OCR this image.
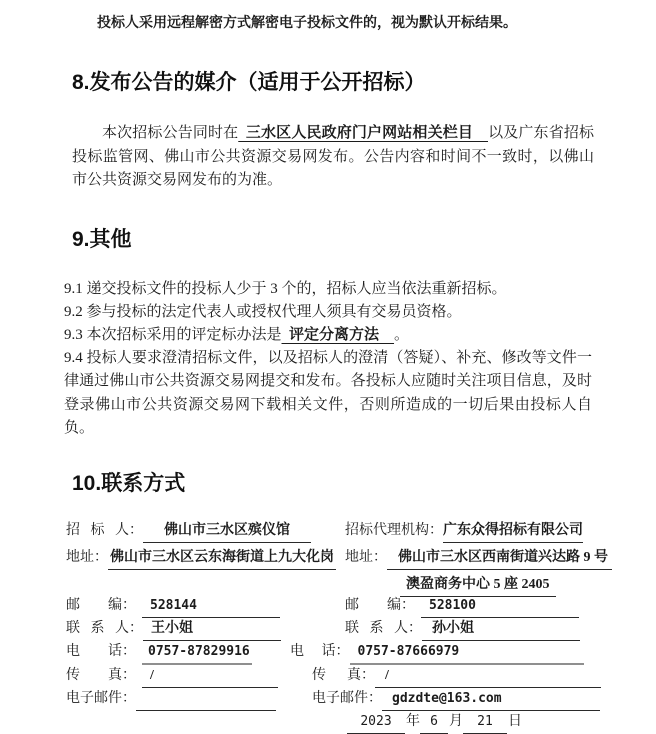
投标人采用远程解密方式解密电子投标文件的，视为默认开标结果。

8.发布公告的媒介（适用于公开招标）

本次招标公告同时在 三水区人民政府门户网站相关栏目  以及广东省招标投标监管网、佛山市公共资源交易网发布。公告内容和时间不一致时，以佛山市公共资源交易网发布的为准。

9.其他

9.1 递交投标文件的投标人少于 3 个的，招标人应当依法重新招标。

9.2 参与投标的法定代表人或授权代理人须具有交易员资格。

9.3 本次招标采用的评定标办法是 评定分离方法  。

9.4 投标人要求澄清招标文件，以及招标人的澄清（答疑）、补充、修改等文件一律通过佛山市公共资源交易网提交和发布。各投标人应随时关注项目信息，及时登录佛山市公共资源交易网下载相关文件，否则所造成的一切后果由投标人自负。

10.联系方式
招  标  人： 佛山市三水区殡仪馆	招标代理机构：广东众得招标有限公司
地址： 佛山市三水区云东海街道上九大化岗 地址： 佛山市三水区西南街道兴达路 9 号
澳盈商务中心 5 座 2405
邮　　编： 528144	邮　　编： 528100
联  系  人： 王小姐	联  系  人： 孙小姐
电　　话： 0757-87829916	电　 话： 0757-87666979
传　　真： /	传　 真： /
电子邮件：	电子邮件： gdzdte@163.com
2023 年 6 月 21 日
